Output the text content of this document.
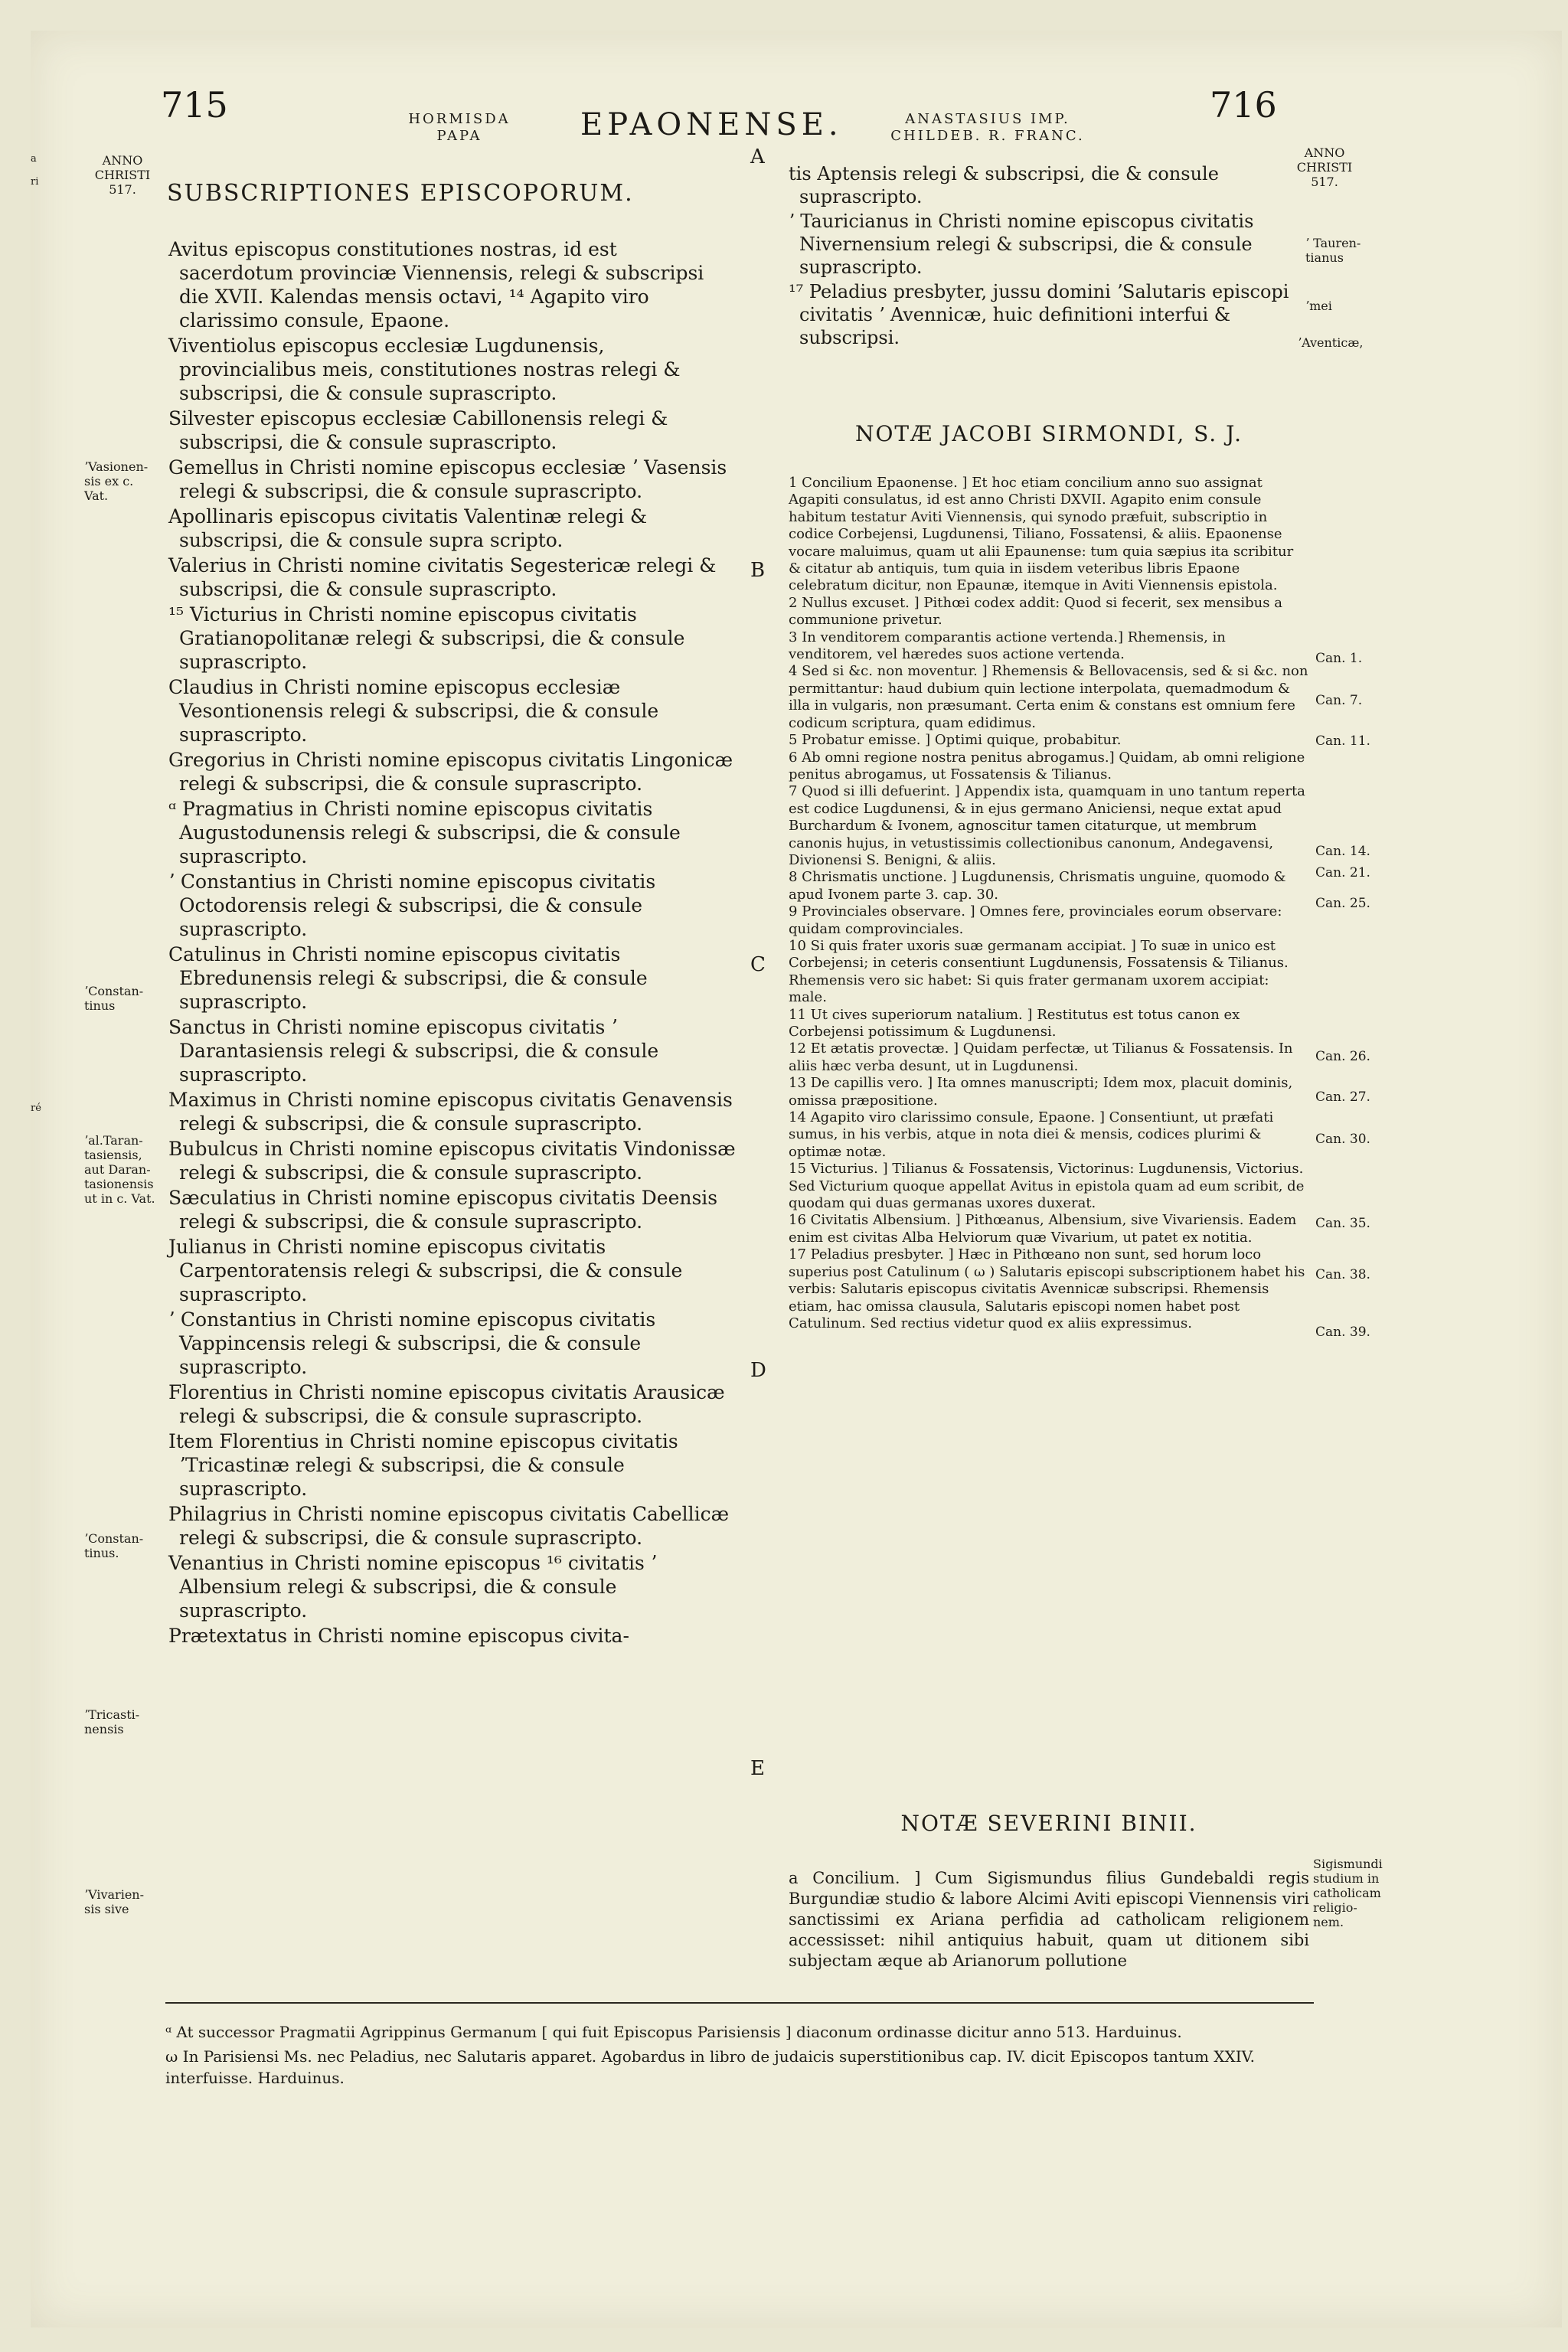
715	HORMISDA
PAPA	EPAONENSE.	ANASTASIUS IMP.
CHILDEB. R. FRANC.
716
ANNO
CHRISTI
517.
ANNO
CHRISTI
517.
a
ri
ré
SUBSCRIPTIONES EPISCOPORUM.

Avitus episcopus constitutiones nostras, id est sacerdotum provinciæ Viennensis, relegi & subscripsi die XVII. Kalendas mensis octavi, ¹⁴ Agapito viro clarissimo consule, Epaone.

Viventiolus episcopus ecclesiæ Lugdunensis, provincialibus meis, constitutiones nostras relegi & subscripsi, die & consule suprascripto.

Silvester episcopus ecclesiæ Cabillonensis relegi & subscripsi, die & consule suprascripto.

Gemellus in Christi nomine episcopus ecclesiæ ʼ Vasensis relegi & subscripsi, die & consule suprascripto.

Apollinaris episcopus civitatis Valentinæ relegi & subscripsi, die & consule supra scripto.

Valerius in Christi nomine civitatis Segestericæ relegi & subscripsi, die & consule suprascripto.

¹⁵ Victurius in Christi nomine episcopus civitatis Gratianopolitanæ relegi & subscripsi, die & consule suprascripto.

Claudius in Christi nomine episcopus ecclesiæ Vesontionensis relegi & subscripsi, die & consule suprascripto.

Gregorius in Christi nomine episcopus civitatis Lingonicæ relegi & subscripsi, die & consule suprascripto.

ᵅ Pragmatius in Christi nomine episcopus civitatis Augustodunensis relegi & subscripsi, die & consule suprascripto.

ʼ Constantius in Christi nomine episcopus civitatis Octodorensis relegi & subscripsi, die & consule suprascripto.

Catulinus in Christi nomine episcopus civitatis Ebredunensis relegi & subscripsi, die & consule suprascripto.

Sanctus in Christi nomine episcopus civitatis ʼ Darantasiensis relegi & subscripsi, die & consule suprascripto.

Maximus in Christi nomine episcopus civitatis Genavensis relegi & subscripsi, die & consule suprascripto.

Bubulcus in Christi nomine episcopus civitatis Vindonissæ relegi & subscripsi, die & consule suprascripto.

Sæculatius in Christi nomine episcopus civitatis Deensis relegi & subscripsi, die & consule suprascripto.

Julianus in Christi nomine episcopus civitatis Carpentoratensis relegi & subscripsi, die & consule suprascripto.

ʼ Constantius in Christi nomine episcopus civitatis Vappincensis relegi & subscripsi, die & consule suprascripto.

Florentius in Christi nomine episcopus civitatis Arausicæ relegi & subscripsi, die & consule suprascripto.

Item Florentius in Christi nomine episcopus civitatis ʼTricastinæ relegi & subscripsi, die & consule suprascripto.

Philagrius in Christi nomine episcopus civitatis Cabellicæ relegi & subscripsi, die & consule suprascripto.

Venantius in Christi nomine episcopus ¹⁶ civitatis ʼ Albensium relegi & subscripsi, die & consule suprascripto.

Prætextatus in Christi nomine episcopus civita-

ʼVasionen-
sis ex c.
Vat.
ʼConstan-
tinus
ʼal.Taran-
tasiensis,
aut Daran-
tasionensis
ut in c. Vat.
ʼConstan-
tinus.
ʼTricasti-
nensis
ʼVivarien-
sis sive
A
B
C
D
E

tis Aptensis relegi & subscripsi, die & consule suprascripto.

ʼ Tauricianus in Christi nomine episcopus civitatis Nivernensium relegi & subscripsi, die & consule suprascripto.

¹⁷ Peladius presbyter, jussu domini ʼSalutaris episcopi civitatis ʼ Avennicæ, huic definitioni interfui & subscripsi.

ʼ Tauren-
tianus
ʼmei
ʼAventicæ,
NOTÆ JACOBI SIRMONDI, S. J.

1 Concilium Epaonense. ] Et hoc etiam concilium anno suo assignat Agapiti consulatus, id est anno Christi DXVII. Agapito enim consule habitum testatur Aviti Viennensis, qui synodo præfuit, subscriptio in codice Corbejensi, Lugdunensi, Tiliano, Fossatensi, & aliis. Epaonense vocare maluimus, quam ut alii Epaunense: tum quia sæpius ita scribitur & citatur ab antiquis, tum quia in iisdem veteribus libris Epaone celebratum dicitur, non Epaunæ, itemque in Aviti Viennensis epistola.

2 Nullus excuset. ] Pithœi codex addit: Quod si fecerit, sex mensibus a communione privetur.

3 In venditorem comparantis actione vertenda.] Rhemensis, in venditorem, vel hæredes suos actione vertenda.

4 Sed si &c. non moventur. ] Rhemensis & Bellovacensis, sed & si &c. non permittantur: haud dubium quin lectione interpolata, quemadmodum & illa in vulgaris, non præsumant. Certa enim & constans est omnium fere codicum scriptura, quam edidimus.

5 Probatur emisse. ] Optimi quique, probabitur.

6 Ab omni regione nostra penitus abrogamus.] Quidam, ab omni religione penitus abrogamus, ut Fossatensis & Tilianus.

7 Quod si illi defuerint. ] Appendix ista, quamquam in uno tantum reperta est codice Lugdunensi, & in ejus germano Aniciensi, neque extat apud Burchardum & Ivonem, agnoscitur tamen citaturque, ut membrum canonis hujus, in vetustissimis collectionibus canonum, Andegavensi, Divionensi S. Benigni, & aliis.

8 Chrismatis unctione. ] Lugdunensis, Chrismatis unguine, quomodo & apud Ivonem parte 3. cap. 30.

9 Provinciales observare. ] Omnes fere, provinciales eorum observare: quidam comprovinciales.

10 Si quis frater uxoris suæ germanam accipiat. ] To suæ in unico est Corbejensi; in ceteris consentiunt Lugdunensis, Fossatensis & Tilianus. Rhemensis vero sic habet: Si quis frater germanam uxorem accipiat: male.

11 Ut cives superiorum natalium. ] Restitutus est totus canon ex Corbejensi potissimum & Lugdunensi.

12 Et ætatis provectæ. ] Quidam perfectæ, ut Tilianus & Fossatensis. In aliis hæc verba desunt, ut in Lugdunensi.

13 De capillis vero. ] Ita omnes manuscripti; Idem mox, placuit dominis, omissa præpositione.

14 Agapito viro clarissimo consule, Epaone. ] Consentiunt, ut præfati sumus, in his verbis, atque in nota diei & mensis, codices plurimi & optimæ notæ.

15 Victurius. ] Tilianus & Fossatensis, Victorinus: Lugdunensis, Victorius. Sed Victurium quoque appellat Avitus in epistola quam ad eum scribit, de quodam qui duas germanas uxores duxerat.

16 Civitatis Albensium. ] Pithœanus, Albensium, sive Vivariensis. Eadem enim est civitas Alba Helviorum quæ Vivarium, ut patet ex notitia.

17 Peladius presbyter. ] Hæc in Pithœano non sunt, sed horum loco superius post Catulinum ( ω ) Salutaris episcopi subscriptionem habet his verbis: Salutaris episcopus civitatis Avennicæ subscripsi. Rhemensis etiam, hac omissa clausula, Salutaris episcopi nomen habet post Catulinum. Sed rectius videtur quod ex aliis expressimus.

Can. 1.
Can. 7.
Can. 11.
Can. 14.
Can. 21.
Can. 25.
Can. 26.
Can. 27.
Can. 30.
Can. 35.
Can. 38.
Can. 39.
NOTÆ SEVERINI BINII.
a Concilium. ] Cum Sigismundus filius Gundebaldi regis Burgundiæ studio & labore Alcimi Aviti episcopi Viennensis viri sanctissimi ex Ariana perfidia ad catholicam religionem accessisset: nihil antiquius habuit, quam ut ditionem sibi subjectam æque ab Arianorum pollutione
Sigismundi
studium in
catholicam
religio-
nem.

ᵅ At successor Pragmatii Agrippinus Germanum [ qui fuit Episcopus Parisiensis ] diaconum ordinasse dicitur anno 513. Harduinus.

ω In Parisiensi Ms. nec Peladius, nec Salutaris apparet. Agobardus in libro de judaicis superstitionibus cap. IV. dicit Episcopos tantum XXIV. interfuisse. Harduinus.
